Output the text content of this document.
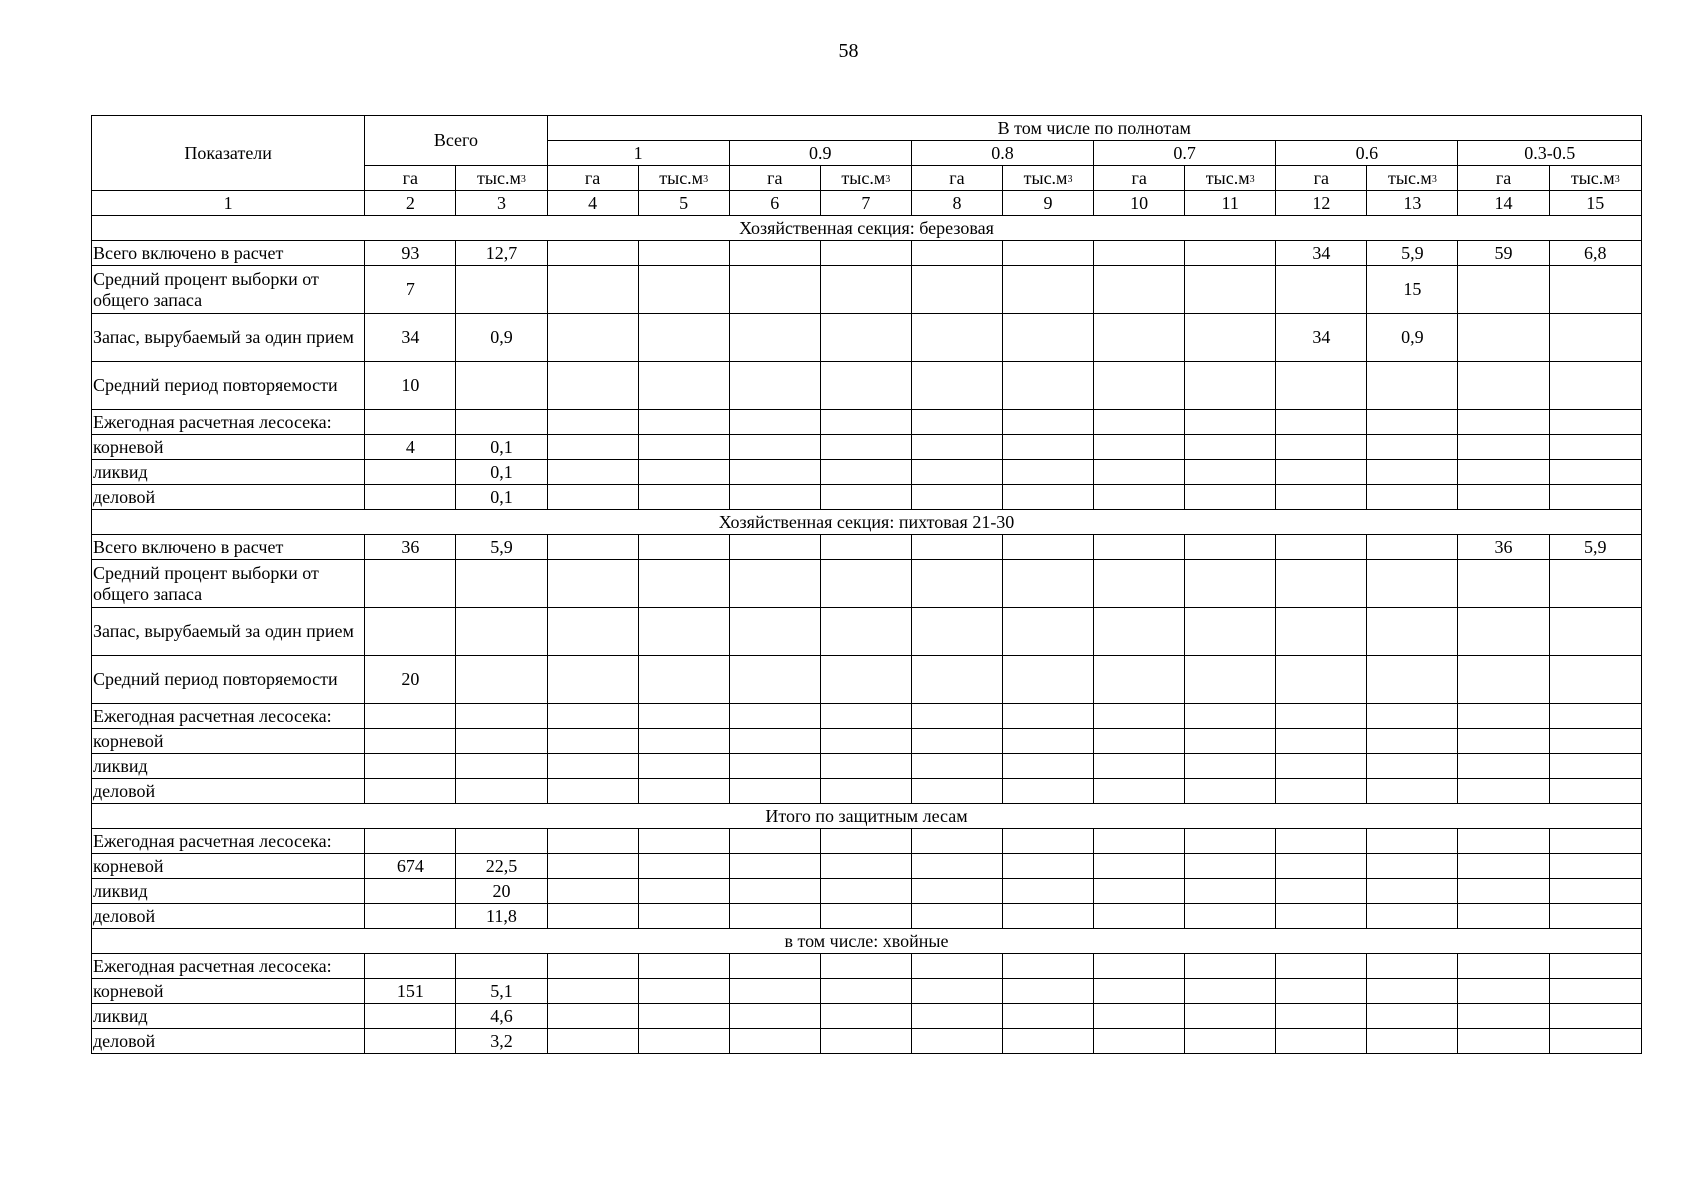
58
Показатели	Всего		В том числе по полнотам											
			1		0.9		0.8		0.7		0.6		0.3-0.5	
	га	$тыс.м^3$	га	$тыс.м^3$	га	$тыс.м^3$	га	$тыс.м^3$	га	$тыс.м^3$	га	$тыс.м^3$	га	$тыс.м^3$
1	2	3	4	5	6	7	8	9	10	11	12	13	14	15
Хозяйственная секция: березовая														
Всего включено в расчет	93	12,7									34	5,9	59	6,8
Средний процент выборки от общего запаса	7											15		
Запас, вырубаемый за один прием	34	0,9									34	0,9		
Средний период повторяемости	10													
Ежегодная расчетная лесосека:														
корневой	4	0,1												
ликвид		0,1												
деловой		0,1												
Хозяйственная секция: пихтовая 21-30														
Всего включено в расчет	36	5,9											36	5,9
Средний процент выборки от общего запаса														
Запас, вырубаемый за один прием														
Средний период повторяемости	20													
Ежегодная расчетная лесосека:														
корневой														
ликвид														
деловой														
Итого по защитным лесам														
Ежегодная расчетная лесосека:														
корневой	674	22,5												
ликвид		20												
деловой		11,8												
в том числе: хвойные														
Ежегодная расчетная лесосека:														
корневой	151	5,1												
ликвид		4,6												
деловой		3,2												
